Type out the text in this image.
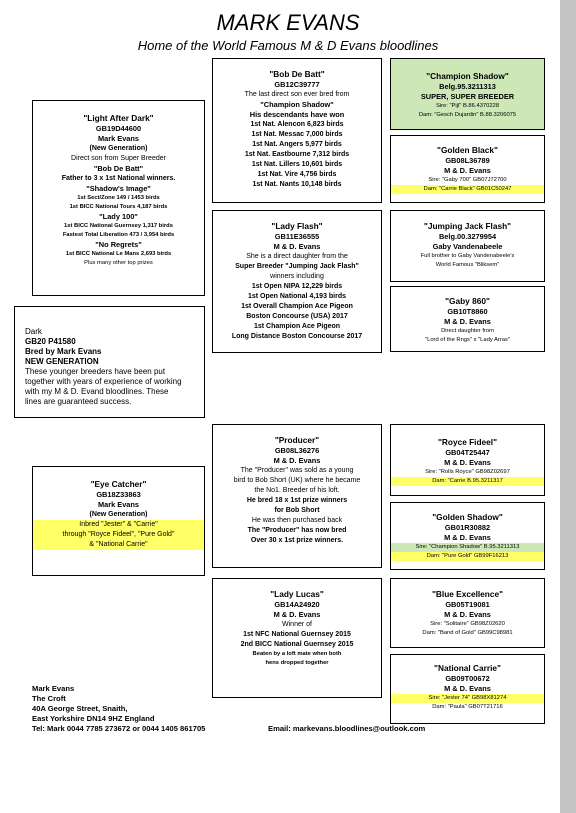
MARK EVANS
Home of the World Famous M & D Evans bloodlines
"Bob De Batt"
GB12C39777
The last direct son ever bred from
"Champion Shadow"
His descendants have won
1st Nat. Alencon 6,823 birds
1st Nat. Messac 7,000 birds
1st Nat. Angers 5,977 birds
1st Nat. Eastbourne 7,312 birds
1st Nat. Lillers 10,601 birds
1st Nat. Vire 4,756 birds
1st Nat. Nants 10,148 birds
"Champion Shadow"
Belg.95.3211313
SUPER, SUPER BREEDER
Sire: "Pijl" B.86.4370228
Dam: "Gesch Dujardin" B.88.3206075
"Golden Black"
GB08L36789
M & D. Evans
Sire: "Gaby 700" GB07J72700
Dam: "Carrie Black" GB01C50247
"Light After Dark"
GB19D44600
Mark Evans
(New Generation)
Direct son from Super Breeder
"Bob De Batt"
Father to 3 x 1st National winners.
"Shadow's Image"
1st Sect/Zone 149 / 1453 birds
1st BICC National Tours 4,187 birds
"Lady 100"
1st BICC National Guernsey 1,317 birds
Fastest Total Liberation 473 / 3,954 birds
"No Regrets"
1st BICC National Le Mans 2,693 birds
Plus many other top prizes
"Lady Flash"
GB11E36555
M & D. Evans
She is a direct daughter from the
Super Breeder "Jumping Jack Flash"
winners including
1st Open NIPA 12,229 birds
1st Open National 4,193 birds
1st Overall Champion Ace Pigeon
Boston Concourse (USA) 2017
1st Champion Ace Pigeon
Long Distance Boston Concourse 2017
"Jumping Jack Flash"
Belg.00.3279954
Gaby Vandenabeele
Full brother to Gaby Vandenabeele's
World Famous "Bliksem"
"Gaby 860"
GB10T8860
M & D. Evans
Direct daughter from
"Lord of the Rngs" x "Lady Arras"
Dark
GB20 P41580
Bred by Mark Evans
NEW GENERATION
These younger breeders have been put
together with years of experience of working
with my M & D. Evand bloodlines. These
lines are guaranteed success.
"Producer"
GB08L36276
M & D. Evans
The "Producer" was sold as a young
bird to Bob Short (UK) where he became
the No1. Breeder of his loft.
He bred 18 x 1st prize winners
for Bob Short
He was then purchased back
The "Producer" has now bred
Over 30 x 1st prize winners.
"Royce Fideel"
GB04T25447
M & D. Evans
Sire: "Rolls Royce" GB98Z02697
Dam: "Carrie B.95.3211317
"Eye Catcher"
GB18Z33863
Mark Evans
(New Generation)
Inbred "Jester" & "Carrie"
through "Royce Fideel", "Pure Gold"
& "National Carrie"
"Golden Shadow"
GB01R30882
M & D. Evans
Sire: "Champion Shadow" B.95.3211313
Dam: "Pure Gold" GB99F16213
"Lady Lucas"
GB14A24920
M & D. Evans
Winner of
1st NFC National Guernsey 2015
2nd BICC National Guernsey 2015
Beaten by a loft mate when both
hens dropped together
"Blue Excellence"
GB05T19081
M & D. Evans
Sire: "Solitaire" GB98Z02620
Dam: "Band of Gold" GB99C98981
"National Carrie"
GB09T00672
M & D. Evans
Sire: "Jester 74" GB98X81274
Dam: "Paula" GB07T21716
Mark Evans
The Croft
40A George Street, Snaith,
East Yorkshire DN14 9HZ England
Tel: Mark 0044 7785 273672 or 0044 1405 861705	Email: markevans.bloodlines@outlook.com
